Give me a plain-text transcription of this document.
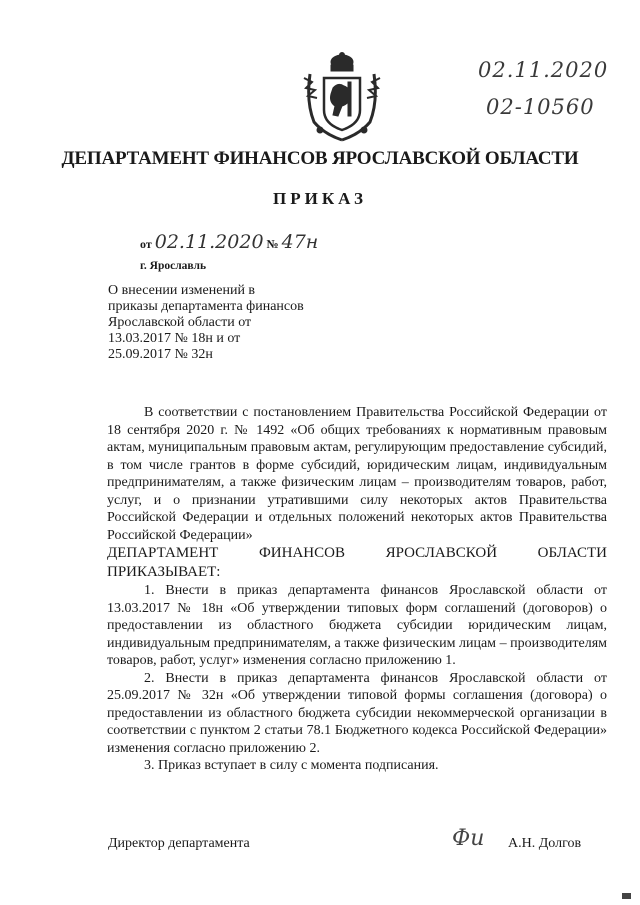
02.11.2020
02-10560
ДЕПАРТАМЕНТ ФИНАНСОВ ЯРОСЛАВСКОЙ ОБЛАСТИ
ПРИКАЗ
от 02.11.2020 № 47н
г. Ярославль
О внесении изменений в
приказы департамента финансов
Ярославской области от
13.03.2017 № 18н и от
25.09.2017 № 32н

В соответствии с постановлением Правительства Российской Федерации от 18 сентября 2020 г. № 1492 «Об общих требованиях к нормативным правовым актам, муниципальным правовым актам, регулирующим предоставление субсидий, в том числе грантов в форме субсидий, юридическим лицам, индивидуальным предпринимателям, а также физическим лицам – производителям товаров, работ, услуг, и о признании утратившими силу некоторых актов Правительства Российской Федерации и отдельных положений некоторых актов Правительства Российской Федерации»

ДЕПАРТАМЕНТ ФИНАНСОВ ЯРОСЛАВСКОЙ ОБЛАСТИ

ПРИКАЗЫВАЕТ:

1. Внести в приказ департамента финансов Ярославской области от 13.03.2017 № 18н «Об утверждении типовых форм соглашений (договоров) о предоставлении из областного бюджета субсидии юридическим лицам, индивидуальным предпринимателям, а также физическим лицам – производителям товаров, работ, услуг» изменения согласно приложению 1.

2. Внести в приказ департамента финансов Ярославской области от 25.09.2017 № 32н «Об утверждении типовой формы соглашения (договора) о предоставлении из областного бюджета субсидии некоммерческой организации в соответствии с пунктом 2 статьи 78.1 Бюджетного кодекса Российской Федерации» изменения согласно приложению 2.

3. Приказ вступает в силу с момента подписания.

Директор департамента	Фи А.Н. Долгов
